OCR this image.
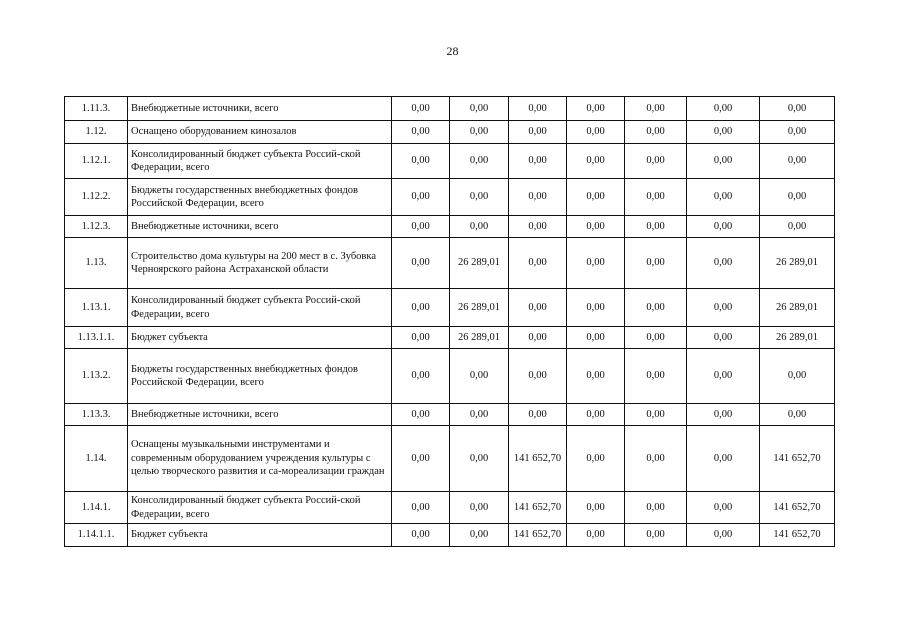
28
1.11.3.	Внебюджетные источники, всего	0,00	0,00	0,00	0,00	0,00	0,00	0,00
1.12.	Оснащено оборудованием кинозалов	0,00	0,00	0,00	0,00	0,00	0,00	0,00
1.12.1.	Консолидированный бюджет субъекта Россий-ской Федерации, всего	0,00	0,00	0,00	0,00	0,00	0,00	0,00
1.12.2.	Бюджеты государственных внебюджетных фондов Российской Федерации, всего	0,00	0,00	0,00	0,00	0,00	0,00	0,00
1.12.3.	Внебюджетные источники, всего	0,00	0,00	0,00	0,00	0,00	0,00	0,00
1.13.	Строительство дома культуры на 200 мест в с. Зубовка Черноярского района Астраханской области	0,00	26 289,01	0,00	0,00	0,00	0,00	26 289,01
1.13.1.	Консолидированный бюджет субъекта Россий-ской Федерации, всего	0,00	26 289,01	0,00	0,00	0,00	0,00	26 289,01
1.13.1.1.	Бюджет субъекта	0,00	26 289,01	0,00	0,00	0,00	0,00	26 289,01
1.13.2.	Бюджеты государственных внебюджетных фондов Российской Федерации, всего	0,00	0,00	0,00	0,00	0,00	0,00	0,00
1.13.3.	Внебюджетные источники, всего	0,00	0,00	0,00	0,00	0,00	0,00	0,00
1.14.	Оснащены музыкальными инструментами и современным оборудованием учреждения культуры с целью творческого развития и са-мореализации граждан	0,00	0,00	141 652,70	0,00	0,00	0,00	141 652,70
1.14.1.	Консолидированный бюджет субъекта Россий-ской Федерации, всего	0,00	0,00	141 652,70	0,00	0,00	0,00	141 652,70
1.14.1.1.	Бюджет субъекта	0,00	0,00	141 652,70	0,00	0,00	0,00	141 652,70
